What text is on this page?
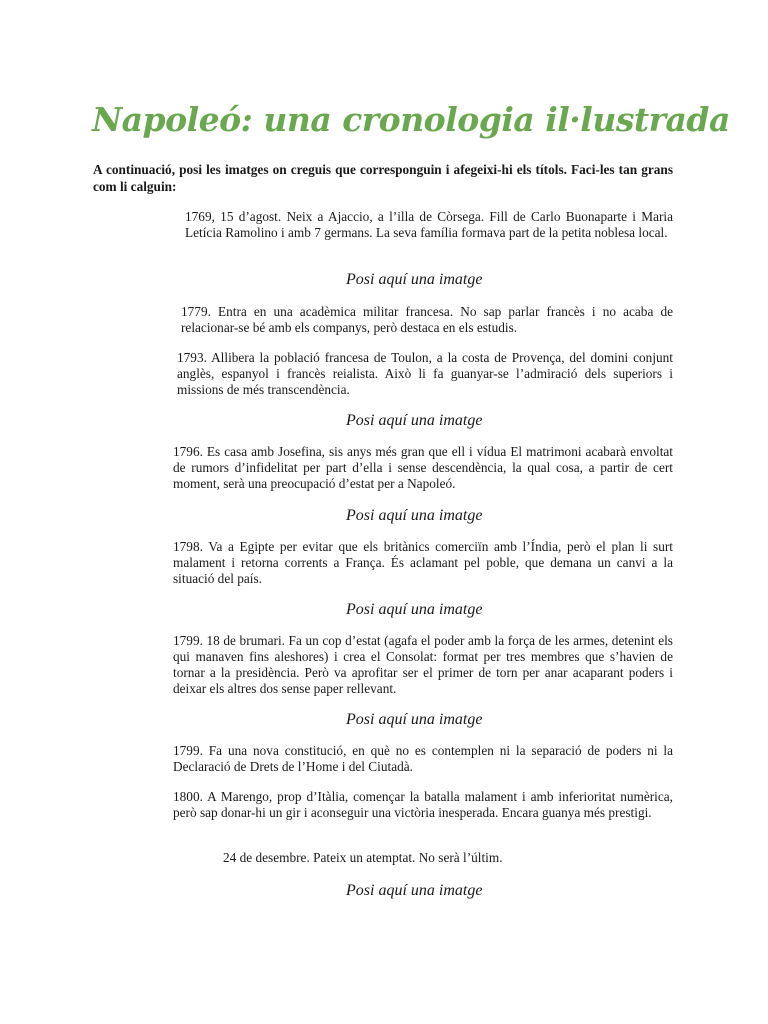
Napoleó: una cronologia il·lustrada

A continuació, posi les imatges on creguis que corresponguin i afegeixi-hi els títols. Faci-les tan grans com li calguin:

1769, 15 d’agost. Neix a Ajaccio, a l’illa de Còrsega. Fill de Carlo Buonaparte i Maria Letícia Ramolino i amb 7 germans. La seva família formava part de la petita noblesa local.

Posi aquí una imatge

1779. Entra en una acadèmica militar francesa. No sap parlar francès i no acaba de relacionar-se bé amb els companys, però destaca en els estudis.

1793. Allibera la població francesa de Toulon, a la costa de Provença, del domini conjunt anglès, espanyol i francès reialista. Això li fa guanyar-se l’admiració dels superiors i missions de més transcendència.

Posi aquí una imatge

1796. Es casa amb Josefina, sis anys més gran que ell i vídua El matrimoni acabarà envoltat de rumors d’infidelitat per part d’ella i sense descendència, la qual cosa, a partir de cert moment, serà una preocupació d’estat per a Napoleó.

Posi aquí una imatge

1798. Va a Egipte per evitar que els britànics comerciïn amb l’Índia, però el plan li surt malament i retorna corrents a França. És aclamant pel poble, que demana un canvi a la situació del país.

Posi aquí una imatge

1799. 18 de brumari. Fa un cop d’estat (agafa el poder amb la força de les armes, detenint els qui manaven fins aleshores) i crea el Consolat: format per tres membres que s’havien de tornar a la presidència. Però va aprofitar ser el primer de torn per anar acaparant poders i deixar els altres dos sense paper rellevant.

Posi aquí una imatge

1799. Fa una nova constitució, en què no es contemplen ni la separació de poders ni la Declaració de Drets de l’Home i del Ciutadà.

1800. A Marengo, prop d’Itàlia, començar la batalla malament i amb inferioritat numèrica, però sap donar-hi un gir i aconseguir una victòria inesperada. Encara guanya més prestigi.

24 de desembre. Pateix un atemptat. No serà l’últim.

Posi aquí una imatge
